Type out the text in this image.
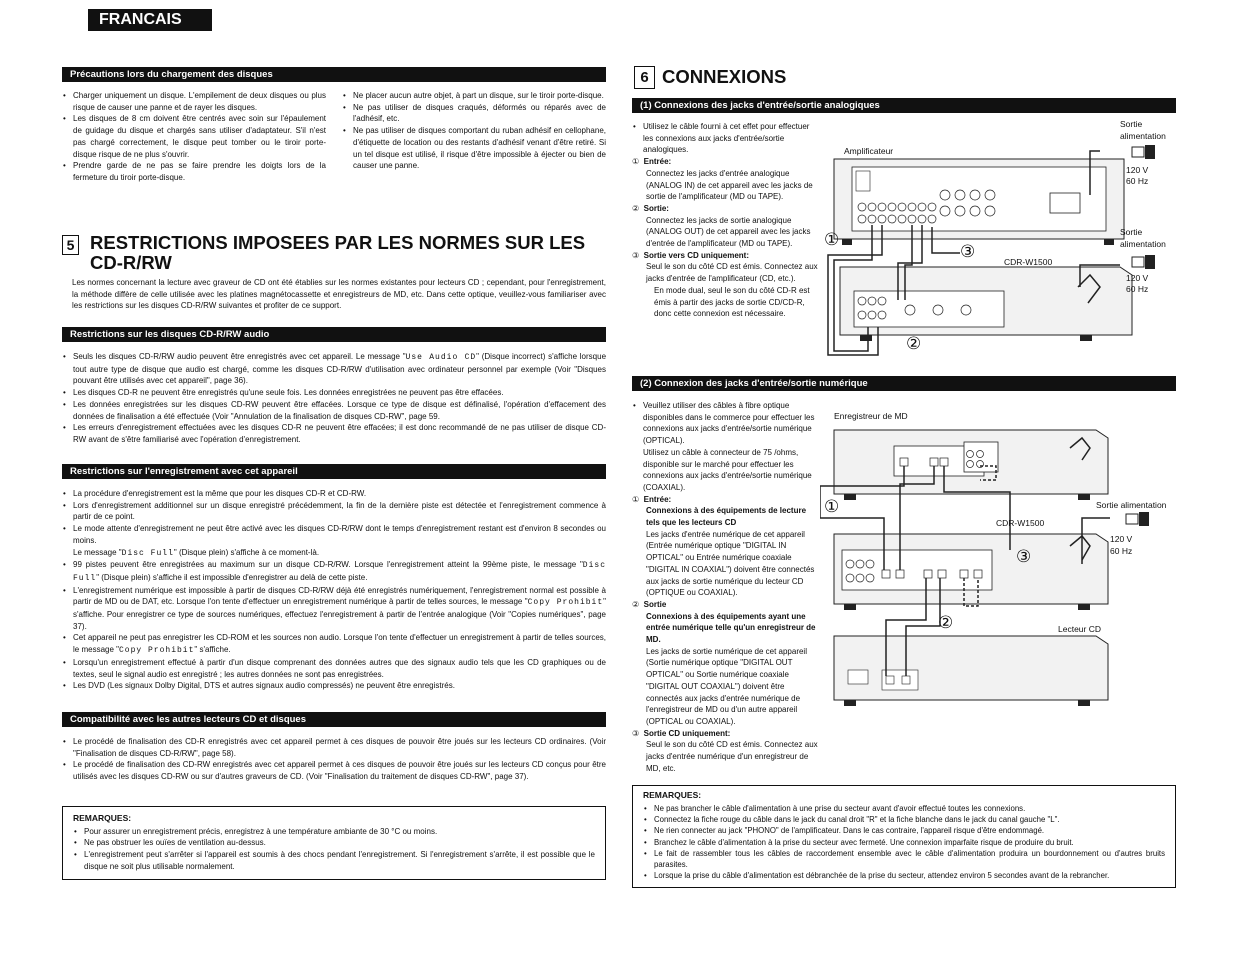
FRANCAIS
Précautions lors du chargement des disques
• Charger uniquement un disque. L'empilement de deux disques ou plus risque de causer une panne et de rayer les disques.
• Les disques de 8 cm doivent être centrés avec soin sur l'épaulement de guidage du disque et chargés sans utiliser d'adaptateur. S'il n'est pas chargé correctement, le disque peut tomber ou le tiroir porte-disque risque de ne plus s'ouvrir.
• Prendre garde de ne pas se faire prendre les doigts lors de la fermeture du tiroir porte-disque.
• Ne placer aucun autre objet, à part un disque, sur le tiroir porte-disque.
• Ne pas utiliser de disques craqués, déformés ou réparés avec de l'adhésif, etc.
• Ne pas utiliser de disques comportant du ruban adhésif en cellophane, d'étiquette de location ou des restants d'adhésif venant d'être retiré. Si un tel disque est utilisé, il risque d'être impossible à éjecter ou bien de causer une panne.
5 RESTRICTIONS IMPOSEES PAR LES NORMES SUR LES CD-R/RW
Les normes concernant la lecture avec graveur de CD ont été établies sur les normes existantes pour lecteurs CD ; cependant, pour l'enregistrement, la méthode diffère de celle utilisée avec les platines magnétocassette et enregistreurs de MD, etc. Dans cette optique, veuillez-vous familiariser avec les restrictions sur les disques CD-R/RW suivantes et profiter de ce support.
Restrictions sur les disques CD-R/RW audio
• Seuls les disques CD-R/RW audio peuvent être enregistrés avec cet appareil. Le message "Use Audio CD" (Disque incorrect) s'affiche lorsque tout autre type de disque que audio est chargé, comme les disques CD-R/RW d'utilisation avec ordinateur personnel par exemple (Voir "Disques pouvant être utilisés avec cet appareil", page 36).
• Les disques CD-R ne peuvent être enregistrés qu'une seule fois. Les données enregistrées ne peuvent pas être effacées.
• Les données enregistrées sur les disques CD-RW peuvent être effacées. Lorsque ce type de disque est définalisé, l'opération d'effacement des données de finalisation a été effectuée (Voir "Annulation de la finalisation de disques CD-RW", page 59.
• Les erreurs d'enregistrement effectuées avec les disques CD-R ne peuvent être effacées; il est donc recommandé de ne pas utiliser de disque CD-RW avant de s'être familiarisé avec l'opération d'enregistrement.
Restrictions sur l'enregistrement avec cet appareil
• La procédure d'enregistrement est la même que pour les disques CD-R et CD-RW.
• Lors d'enregistrement additionnel sur un disque enregistré précédemment, la fin de la dernière piste est détectée et l'enregistrement commence à partir de ce point.
• Le mode attente d'enregistrement ne peut être activé avec les disques CD-R/RW dont le temps d'enregistrement restant est d'environ 8 secondes ou moins.
Le message "Disc Full" (Disque plein) s'affiche à ce moment-là.
• 99 pistes peuvent être enregistrées au maximum sur un disque CD-R/RW. Lorsque l'enregistrement atteint la 99ème piste, le message "Disc Full" (Disque plein) s'affiche il est impossible d'enregistrer au delà de cette piste.
• L'enregistrement numérique est impossible à partir de disques CD-R/RW déjà été enregistrés numériquement, l'enregistrement normal est possible à partir de MD ou de DAT, etc. Lorsque l'on tente d'effectuer un enregistrement numérique à partir de telles sources, le message "Copy Prohibit" s'affiche. Pour enregistrer ce type de sources numériques, effectuez l'enregistrement à partir de l'entrée analogique (Voir "Copies numériques", page 37).
• Cet appareil ne peut pas enregistrer les CD-ROM et les sources non audio. Lorsque l'on tente d'effectuer un enregistrement à partir de telles sources, le message "Copy Prohibit" s'affiche.
• Lorsqu'un enregistrement effectué à partir d'un disque comprenant des données autres que des signaux audio tels que les CD graphiques ou de textes, seul le signal audio est enregistré ; les autres données ne sont pas enregistrées.
• Les DVD (Les signaux Dolby Digital, DTS et autres signaux audio compressés) ne peuvent être enregistrés.
Compatibilité avec les autres lecteurs CD et disques
• Le procédé de finalisation des CD-R enregistrés avec cet appareil permet à ces disques de pouvoir être joués sur les lecteurs CD ordinaires. (Voir "Finalisation de disques CD-R/RW", page 58).
• Le procédé de finalisation des CD-RW enregistrés avec cet appareil permet à ces disques de pouvoir être joués sur les lecteurs CD conçus pour être utilisés avec les disques CD-RW ou sur d'autres graveurs de CD. (Voir "Finalisation du traitement de disques CD-RW", page 37).
REMARQUES:
• Pour assurer un enregistrement précis, enregistrez à une température ambiante de 30 °C ou moins.
• Ne pas obstruer les ouïes de ventilation au-dessus.
• L'enregistrement peut s'arrêter si l'appareil est soumis à des chocs pendant l'enregistrement. Si l'enregistrement s'arrête, il est possible que le disque ne soit plus utilisable normalement.
6 CONNEXIONS
(1) Connexions des jacks d'entrée/sortie analogiques
• Utilisez le câble fourni à cet effet pour effectuer les connexions aux jacks d'entrée/sortie analogiques.
① Entrée:
Connectez les jacks d'entrée analogique (ANALOG IN) de cet appareil avec les jacks de sortie de l'amplificateur (MD ou TAPE).
② Sortie:
Connectez les jacks de sortie analogique (ANALOG OUT) de cet appareil avec les jacks d'entrée de l'amplificateur (MD ou TAPE).
③ Sortie vers CD uniquement:
Seul le son du côté CD est émis. Connectez aux jacks d'entrée de l'amplificateur (CD, etc.).
En mode dual, seul le son du côté CD-R est émis à partir des jacks de sortie CD/CD-R, donc cette connexion est nécessaire.
Amplificateur
CDR-W1500
Sortie alimentation
120 V 60 Hz
Sortie alimentation
120 V 60 Hz
①
③
②
(2) Connexion des jacks d'entrée/sortie numérique
• Veuillez utiliser des câbles à fibre optique disponibles dans le commerce pour effectuer les connexions aux jacks d'entrée/sortie numérique (OPTICAL).
Utilisez un câble à connecteur de 75 /ohms, disponible sur le marché pour effectuer les connexions aux jacks d'entrée/sortie numérique (COAXIAL).
① Entrée:
Connexions à des équipements de lecture tels que les lecteurs CD
Les jacks d'entrée numérique de cet appareil (Entrée numérique optique "DIGITAL IN OPTICAL" ou Entrée numérique coaxiale "DIGITAL IN COAXIAL") doivent être connectés aux jacks de sortie numérique du lecteur CD (OPTIQUE ou COAXIAL).
② Sortie
Connexions à des équipements ayant une entrée numérique telle qu'un enregistreur de MD.
Les jacks de sortie numérique de cet appareil (Sortie numérique optique "DIGITAL OUT OPTICAL" ou Sortie numérique coaxiale "DIGITAL OUT COAXIAL") doivent être connectés aux jacks d'entrée numérique de l'enregistreur de MD ou d'un autre appareil (OPTICAL ou COAXIAL).
③ Sortie CD uniquement:
Seul le son du côté CD est émis. Connectez aux jacks d'entrée numérique d'un enregistreur de MD, etc.
Enregistreur de MD
CDR-W1500
Sortie alimentation
120 V 60 Hz
Lecteur CD
①
③
②
REMARQUES:
• Ne pas brancher le câble d'alimentation à une prise du secteur avant d'avoir effectué toutes les connexions.
• Connectez la fiche rouge du câble dans le jack du canal droit "R" et la fiche blanche dans le jack du canal gauche "L".
• Ne rien connecter au jack "PHONO" de l'amplificateur. Dans le cas contraire, l'appareil risque d'être endommagé.
• Branchez le câble d'alimentation à la prise du secteur avec fermeté. Une connexion imparfaite risque de produire du bruit.
• Le fait de rassembler tous les câbles de raccordement ensemble avec le câble d'alimentation produira un bourdonnement ou d'autres bruits parasites.
• Lorsque la prise du câble d'alimentation est débranchée de la prise du secteur, attendez environ 5 secondes avant de la rebrancher.
